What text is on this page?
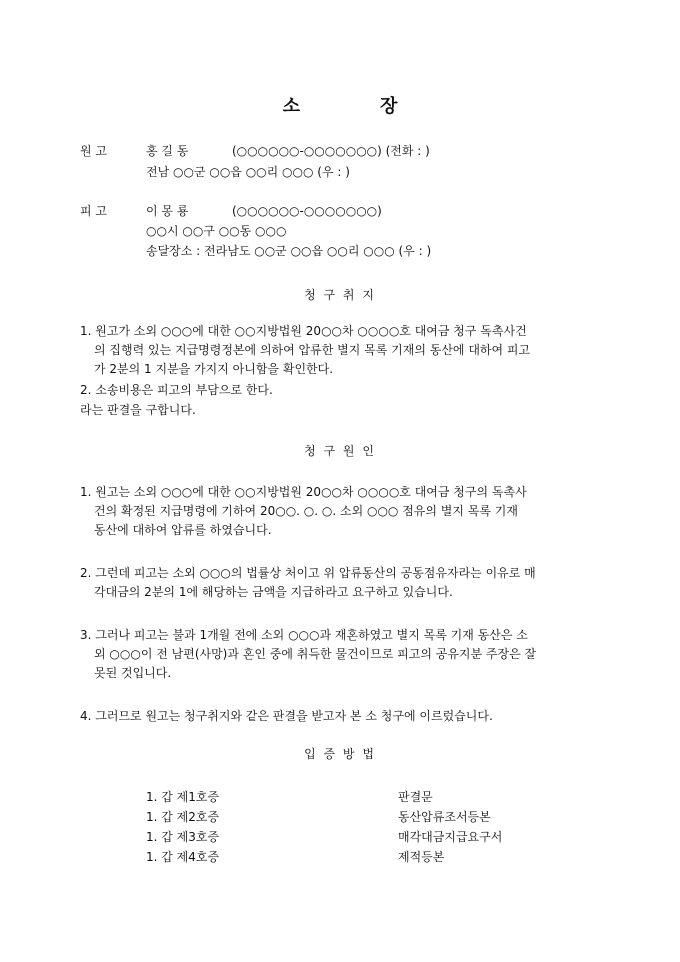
소	장
원 고	홍 길 동	(○○○○○○-○○○○○○○) (전화 : )
전남 ○○군 ○○읍 ○○리 ○○○ (우 : )
피 고	이 몽 룡	(○○○○○○-○○○○○○○)
○○시 ○○구 ○○동 ○○○
송달장소 : 전라남도 ○○군 ○○읍 ○○리 ○○○ (우 : )
청 구 취 지
1. 원고가 소외 ○○○에 대한 ○○지방법원 20○○차 ○○○○호 대여금 청구 독촉사건
의 집행력 있는 지급명령정본에 의하여 압류한 별지 목록 기재의 동산에 대하여 피고
가 2분의 1 지분을 가지지 아니함을 확인한다.
2. 소송비용은 피고의 부담으로 한다.
라는 판결을 구합니다.
청 구 원 인
1. 원고는 소외 ○○○에 대한 ○○지방법원 20○○차 ○○○○호 대여금 청구의 독촉사
건의 확정된 지급명령에 기하여 20○○. ○. ○. 소외 ○○○ 점유의 별지 목록 기재
동산에 대하여 압류를 하였습니다.
2. 그런데 피고는 소외 ○○○의 법률상 처이고 위 압류동산의 공동점유자라는 이유로 매
각대금의 2분의 1에 해당하는 금액을 지급하라고 요구하고 있습니다.
3. 그러나 피고는 불과 1개월 전에 소외 ○○○과 재혼하였고 별지 목록 기재 동산은 소
외 ○○○이 전 남편(사망)과 혼인 중에 취득한 물건이므로 피고의 공유지분 주장은 잘
못된 것입니다.
4. 그러므로 원고는 청구취지와 같은 판결을 받고자 본 소 청구에 이르렀습니다.
입 증 방 법
1. 갑 제1호증	판결문
1. 갑 제2호증	동산압류조서등본
1. 갑 제3호증	매각대금지급요구서
1. 갑 제4호증	제적등본
